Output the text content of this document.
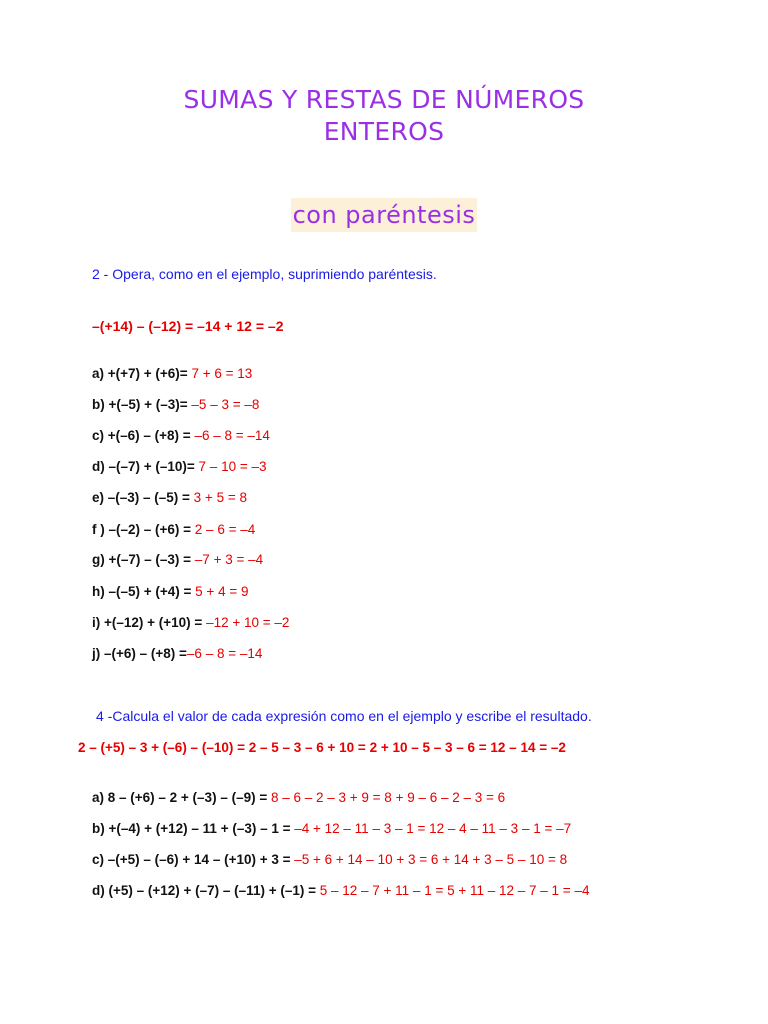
SUMAS Y RESTAS DE NÚMEROS
ENTEROS
con paréntesis
2 - Opera, como en el ejemplo, suprimiendo paréntesis.
–(+14) – (–12) = –14 + 12 = –2
a) +(+7) + (+6)= 7 + 6 = 13
b) +(–5) + (–3)= –5 – 3 = –8
c) +(–6) – (+8) = –6 – 8 = –14
d) –(–7) + (–10)= 7 – 10 = –3
e) –(–3) – (–5) = 3 + 5 = 8
f ) –(–2) – (+6) = 2 – 6 = –4
g) +(–7) – (–3) = –7 + 3 = –4
h) –(–5) + (+4) = 5 + 4 = 9
i) +(–12) + (+10) = –12 + 10 = –2
j) –(+6) – (+8) =–6 – 8 = –14
4 -Calcula el valor de cada expresión como en el ejemplo y escribe el resultado.
2 – (+5) – 3 + (–6) – (–10) = 2 – 5 – 3 – 6 + 10 = 2 + 10 – 5 – 3 – 6 = 12 – 14 = –2
a) 8 – (+6) – 2 + (–3) – (–9) = 8 – 6 – 2 – 3 + 9 = 8 + 9 – 6 – 2 – 3 = 6
b) +(–4) + (+12) – 11 + (–3) – 1 = –4 + 12 – 11 – 3 – 1 = 12 – 4 – 11 – 3 – 1 = –7
c) –(+5) – (–6) + 14 – (+10) + 3 = –5 + 6 + 14 – 10 + 3 = 6 + 14 + 3 – 5 – 10 = 8
d) (+5) – (+12) + (–7) – (–11) + (–1) = 5 – 12 – 7 + 11 – 1 = 5 + 11 – 12 – 7 – 1 = –4
